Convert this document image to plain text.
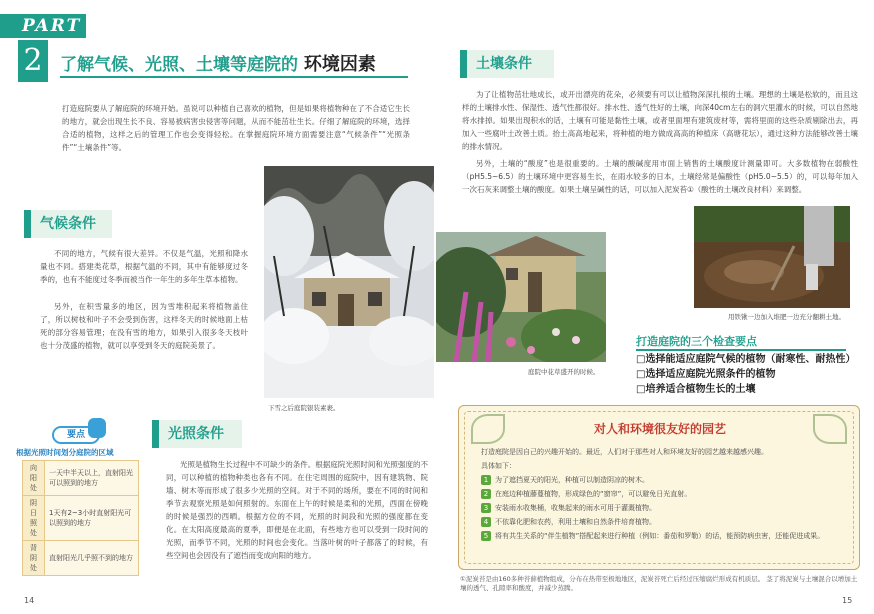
PART
2	了解气候、光照、土壤等庭院的 环境因素
打造庭院要从了解庭院的环境开始。虽说可以种植自己喜欢的植物，但是如果将植物种在了不合适它生长的地方，就会出现生长不良、容易被病害虫侵害等问题，从而不能茁壮生长。仔细了解庭院的环境，选择合适的植物，这样之后的管理工作也会变得轻松。在掌握庭院环境方面需要注意“气候条件”“光照条件”“土壤条件”等。
气候条件
不同的地方，气候有很大差异。不仅是气温，光照和降水量也不同。搭建类花草，根据气温的不同，其中有能够度过冬季的，也有不能度过冬季而被当作一年生的多年生草本植物。
另外，在积雪量多的地区，因为雪堆积起来将植物盖住了，所以树枝和叶子不会受到伤害，这样冬天的时候地面上枯死的部分容易管理；在没有雪的地方，如果引入很多冬天枝叶也十分茂盛的植物，就可以享受到冬天的庭院美景了。
下雪之后庭院银装素裹。
要点
根据光照时间划分庭院的区域
向阳处	一天中半天以上，直射阳光可以照到的地方
阴日照处	1天有2~3小时直射阳光可以照到的地方
背阴处	直射阳光几乎照不到的地方
光照条件
光照是植物生长过程中不可缺少的条件。根据庭院光照时间和光照强度的不同，可以种植的植物种类也各有不同。在住宅周围的庭院中，因有建筑物、院墙、树木等而形成了很多少光照的空间。对于不同的场所，要在不同的时间和季节去观察光照是如何照射的。东面在上午的时候是柔和的光照，西面在傍晚的时候是强烈的西晒。根据方位的不同，光照的时间段和光照的强度都在变化。在太阳高度最高的夏季，即便是在北面，有些地方也可以受到一段时间的光照，而季节不同，光照的时间也会变化。当落叶树的叶子都落了的时候，有些空间也会因没有了遮挡而变成向阳的地方。
14
庭院中花草盛开的时候。
土壤条件
为了让植物茁壮地成长，或开出漂亮的花朵，必须要有可以让植物深深扎根的土壤。理想的土壤是松软的，而且这样的土壤排水性、保湿性、透气性都很好。排水性、透气性好的土壤，向深40cm左右的洞穴里灌水的时候，可以自然地将水排掉。如果出现积水的话，土壤有可能是黏性土壤，或者里面埋有建筑废材等，需将里面的这些杂质剔除出去，再加入一些腐叶土改善土质。抬土高高地起来，将种植的地方做成高高的种植床（高塘花坛），通过这种方法能够改善土壤的排水情况。
另外，土壤的“酸度”也是很重要的。土壤的酸碱度用市面上销售的土壤酸度计测量即可。大多数植物在弱酸性（pH5.5~6.5）的土壤环境中更容易生长，在雨水较多的日本，土壤经常是偏酸性（pH5.0~5.5）的，可以每年加入一次石灰来调整土壤的酸度。如果土壤呈碱性的话，可以加入泥炭苔①（酸性的土壤改良材料）来调整。
用铁锹一边加入堆肥一边充分翻耕土地。
打造庭院的三个检查要点
□选择能适应庭院气候的植物（耐寒性、耐热性）
□选择适应庭院光照条件的植物
□培养适合植物生长的土壤
对人和环境很友好的园艺
打造庭院是因自己的兴趣开始的。最近，人们对于那些对人和环境友好的园艺越来越感兴趣。
具体如下：
1 为了遮挡夏天的阳光，种植可以制造阴凉的树木。
2 在庭边种植藤蔓植物，形成绿色的“窗帘”，可以避免日光直射。
3 安装雨水收集桶，收集起来的雨水可用于灌溉植物。
4 不依靠化肥和农药，利用土壤和自然条件培育植物。
5 将有共生关系的“伴生植物”搭配起来进行种植（例如：番茄和罗勒）的话，能预防病虫害，还能促进成果。
①泥炭苔是由160多种苔藓植物组成，分布在热带至极地地区，泥炭苔死亡后经过压缩腐烂形成有机质层。 茎了将泥炭与土壤混合以增加土壤的透气、孔隙率和酸度，并减少蒸腾。
15
